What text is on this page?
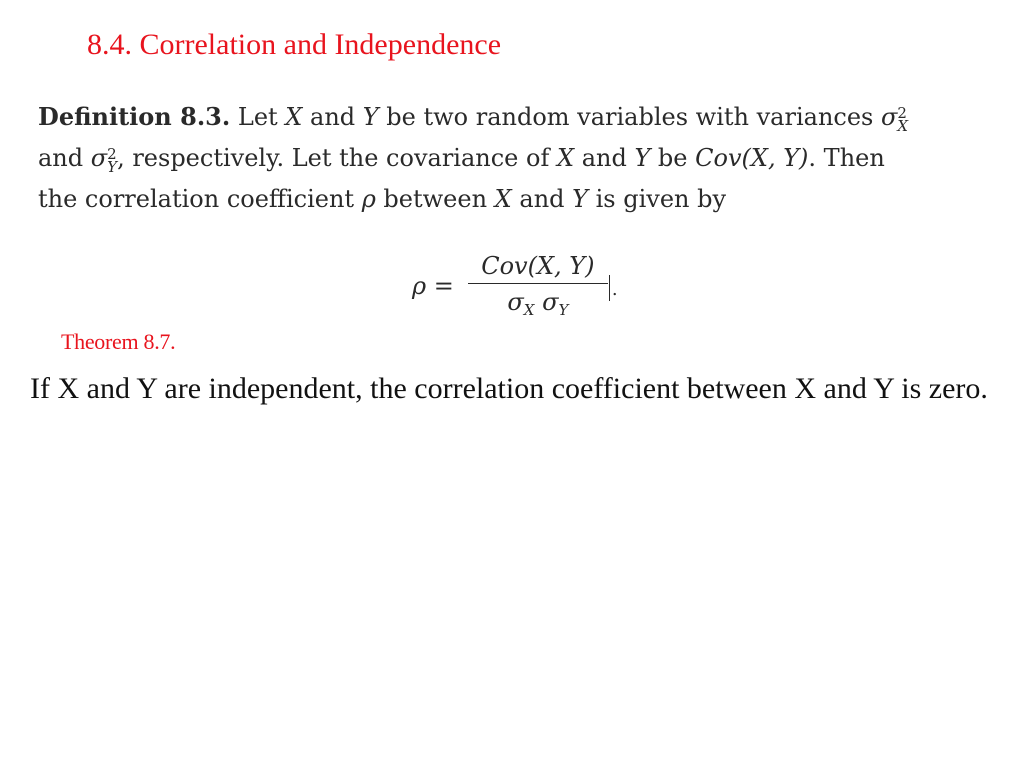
8.4. Correlation and Independence
Definition 8.3. Let X and Y be two random variables with variances σ 2
X
and σ 2
Y , respectively. Let the covariance of X and Y be Cov(X, Y). Then
the correlation coefficient ρ between X and Y is given by
$\rho = \frac{\text{Cov(X, Y)}}{\sigma_X \sigma_Y}$ .
Theorem 8.7.
If X and Y are independent, the correlation coefficient between X and Y is zero.
